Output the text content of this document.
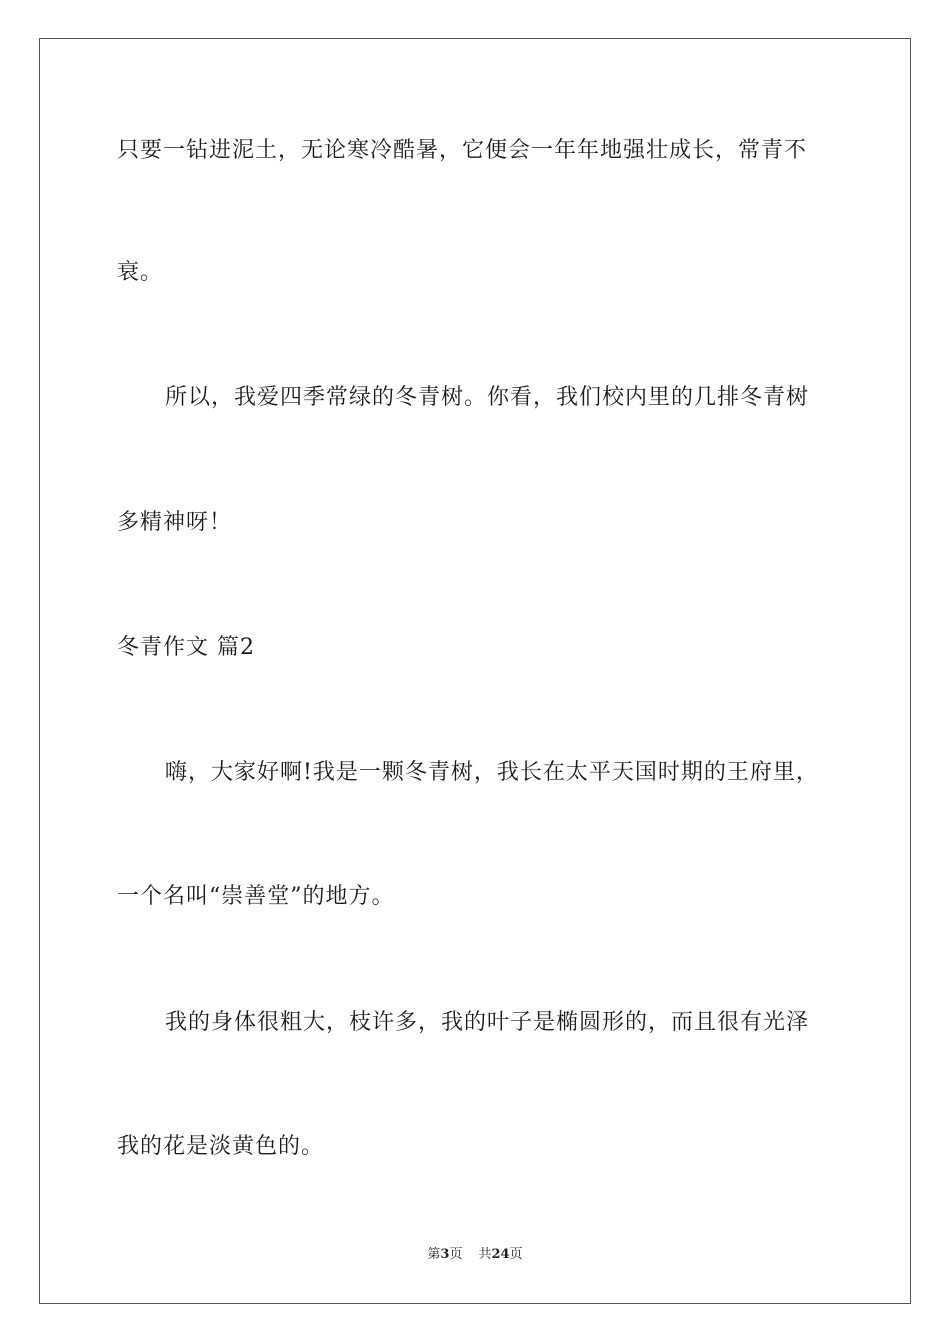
只要一钻进泥土，无论寒冷酷暑，它便会一年年地强壮成长，常青不
衰。
所以，我爱四季常绿的冬青树。你看，我们校内里的几排冬青树
多精神呀！
冬青作文 篇2
嗨，大家好啊!我是一颗冬青树，我长在太平天国时期的王府里，
一个名叫“崇善堂”的地方。
我的身体很粗大，枝许多，我的叶子是椭圆形的，而且很有光泽
我的花是淡黄色的。
第3页 共24页
